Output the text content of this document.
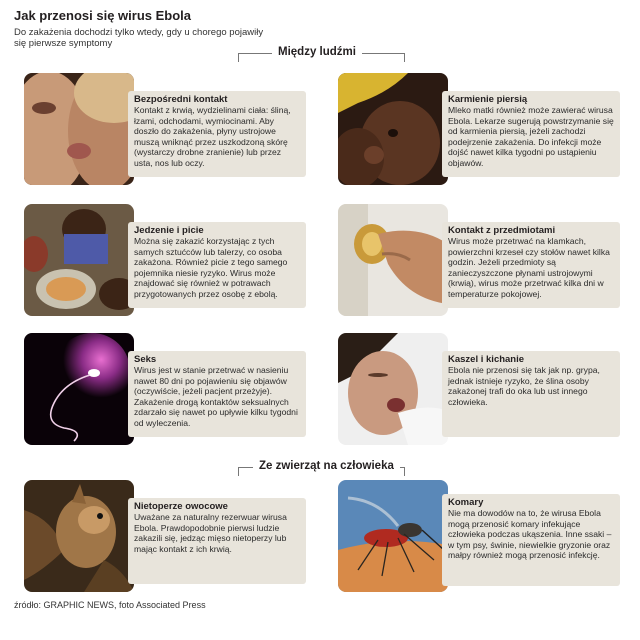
Jak przenosi się wirus Ebola
Do zakażenia dochodzi tylko wtedy, gdy u chorego pojawiły się pierwsze symptomy
Między ludźmi
Bezpośredni kontakt
Kontakt z krwią, wydzielinami ciała: śliną, łzami, odchodami, wymiocinami. Aby doszło do zakażenia, płyny ustrojowe muszą wniknąć przez uszkodzoną skórę (wystarczy drobne zranienie) lub przez usta, nos lub oczy.
Karmienie piersią
Mleko matki również może zawierać wirusa Ebola. Lekarze sugerują powstrzymanie się od karmienia piersią, jeżeli zachodzi podejrzenie zakażenia. Do infekcji może dojść nawet kilka tygodni po ustąpieniu objawów.
Jedzenie i picie
Można się zakazić korzystając z tych samych sztućców lub talerzy, co osoba zakażona. Również picie z tego samego pojemnika niesie ryzyko. Wirus może znajdować się również w potrawach przygotowanych przez osobę z ebolą.
Kontakt z przedmiotami
Wirus może przetrwać na klamkach, powierzchni krzeseł czy stołów nawet kilka godzin. Jeżeli przedmioty są zanieczyszczone płynami ustrojowymi (krwią), wirus może przetrwać kilka dni w temperaturze pokojowej.
Seks
Wirus jest w stanie przetrwać w nasieniu nawet 80 dni po pojawieniu się objawów (oczywiście, jeżeli pacjent przeżyje). Zakażenie drogą kontaktów seksualnych zdarzało się nawet po upływie kilku tygodni od wyleczenia.
Kaszel i kichanie
Ebola nie przenosi się tak jak np. grypa, jednak istnieje ryzyko, że ślina osoby zakażonej trafi do oka lub ust innego człowieka.
Ze zwierząt na człowieka
Nietoperze owocowe
Uważane za naturalny rezerwuar wirusa Ebola. Prawdopodobnie pierwsi ludzie zakazili się, jedząc mięso nietoperzy lub mając kontakt z ich krwią.
Komary
Nie ma dowodów na to, że wirusa Ebola mogą przenosić komary infekujące człowieka podczas ukąszenia. Inne ssaki – w tym psy, świnie, niewielkie gryzonie oraz małpy również mogą przenosić infekcję.
źródło: GRAPHIC NEWS, foto Associated Press
